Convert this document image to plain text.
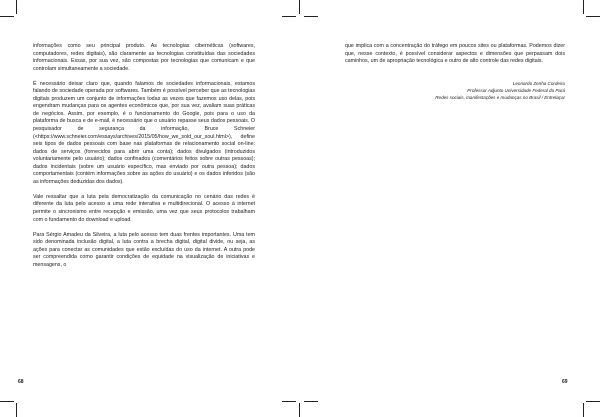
informações como seu principal produto. As tecnologias cibernéticas (softwares, computadores, redes digitais), são claramente as tecnologias constituídas das sociedades informacionais. Essas, por sua vez, são compostas por tecnologias que comunicam e que controlam simultaneamente a sociedade.

É necessário deixar claro que, quando falamos de sociedades informacionais, estamos falando de sociedade operada por softwares. Também é possível perceber que as tecnologias digitais produzem um conjunto de informações todas as vezes que fazemos uso delas, pois engendram mudanças para os agentes econômicos que, por sua vez, avaliam suas práticas de negócios. Assim, por exemplo, é o funcionamento do Google, pois para o uso da plataforma de busca e de e-mail, é necessário que o usuário repasse seus dados pessoais. O pesquisador de segurança da informação, Bruce Schneier (<https://www.schneier.com/essays/archives/2015/05/how_we_sold_our_soul.html>), define seis tipos de dados pessoais com base nas plataformas de relacionamento social on-line: dados de serviços (fornecidos para abrir uma conta); dados divulgados (introduzidos voluntariamente pelo usuário); dados confinados (comentários feitos sobre outras pessoas); dados incidentais (sobre um usuário específico, mas enviado por outra pessoa); dados comportamentais (contém informações sobre as ações do usuário) e os dados inferidos (são as informações deduzidas dos dados).

Vale ressaltar que a luta pela democratização da comunicação no cenário das redes é diferente da luta pelo acesso a uma rede interativa e multidirecional. O acesso à internet permite o sincronismo entre recepção e emissão, uma vez que seus protocolos trabalham com o fundamento do download e upload.

Para Sérgio Amadeu da Silveira, a luta pelo acesso tem duas frentes importantes. Uma tem sido denominada inclusão digital, a luta contra a brecha digital, digital divide, ou seja, as ações para conectar as comunidades que estão excluídas do uso da internet. A outra pode ser compreendida como garantir condições de equidade na visualização de iniciativas e mensagens, o

que implica com a concentração do tráfego em poucos sites ou plataformas. Podemos dizer que, nesse contexto, é possível considerar aspectos e dimensões que perpassam dois caminhos, um de apropriação tecnológica e outro de alto controle das redes digitais.

Leonardo Zenha Cordeiro
Professor Adjunto Universidade Federal do Pará
Redes sociais, manifestações e mudanças no Brasil / Entrelaçar
68	69
